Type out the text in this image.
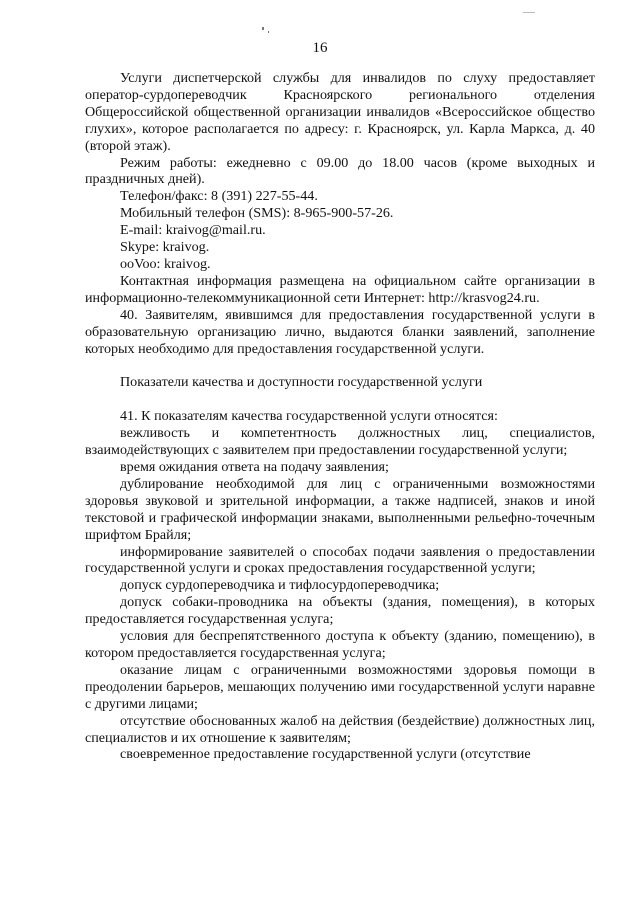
16

Услуги диспетчерской службы для инвалидов по слуху предоставляет оператор-сурдопереводчик Красноярского регионального отделения Общероссийской общественной организации инвалидов «Всероссийское общество глухих», которое располагается по адресу: г. Красноярск, ул. Карла Маркса, д. 40 (второй этаж).

Режим работы: ежедневно с 09.00 до 18.00 часов (кроме выходных и праздничных дней).

Телефон/факс: 8 (391) 227-55-44.

Мобильный телефон (SMS): 8-965-900-57-26.

E-mail: kraivog@mail.ru.

Skype: kraivog.

ooVoo: kraivog.

Контактная информация размещена на официальном сайте организации в информационно-телекоммуникационной сети Интернет: http://krasvog24.ru.

40. Заявителям, явившимся для предоставления государственной услуги в образовательную организацию лично, выдаются бланки заявлений, заполнение которых необходимо для предоставления государственной услуги.

Показатели качества и доступности государственной услуги

41. К показателям качества государственной услуги относятся:

вежливость и компетентность должностных лиц, специалистов, взаимодействующих с заявителем при предоставлении государственной услуги;

время ожидания ответа на подачу заявления;

дублирование необходимой для лиц с ограниченными возможностями здоровья звуковой и зрительной информации, а также надписей, знаков и иной текстовой и графической информации знаками, выполненными рельефно-точечным шрифтом Брайля;

информирование заявителей о способах подачи заявления о предоставлении государственной услуги и сроках предоставления государственной услуги;

допуск сурдопереводчика и тифлосурдопереводчика;

допуск собаки-проводника на объекты (здания, помещения), в которых предоставляется государственная услуга;

условия для беспрепятственного доступа к объекту (зданию, помещению), в котором предоставляется государственная услуга;

оказание лицам с ограниченными возможностями здоровья помощи в преодолении барьеров, мешающих получению ими государственной услуги наравне с другими лицами;

отсутствие обоснованных жалоб на действия (бездействие) должностных лиц, специалистов и их отношение к заявителям;

своевременное предоставление государственной услуги (отсутствие
